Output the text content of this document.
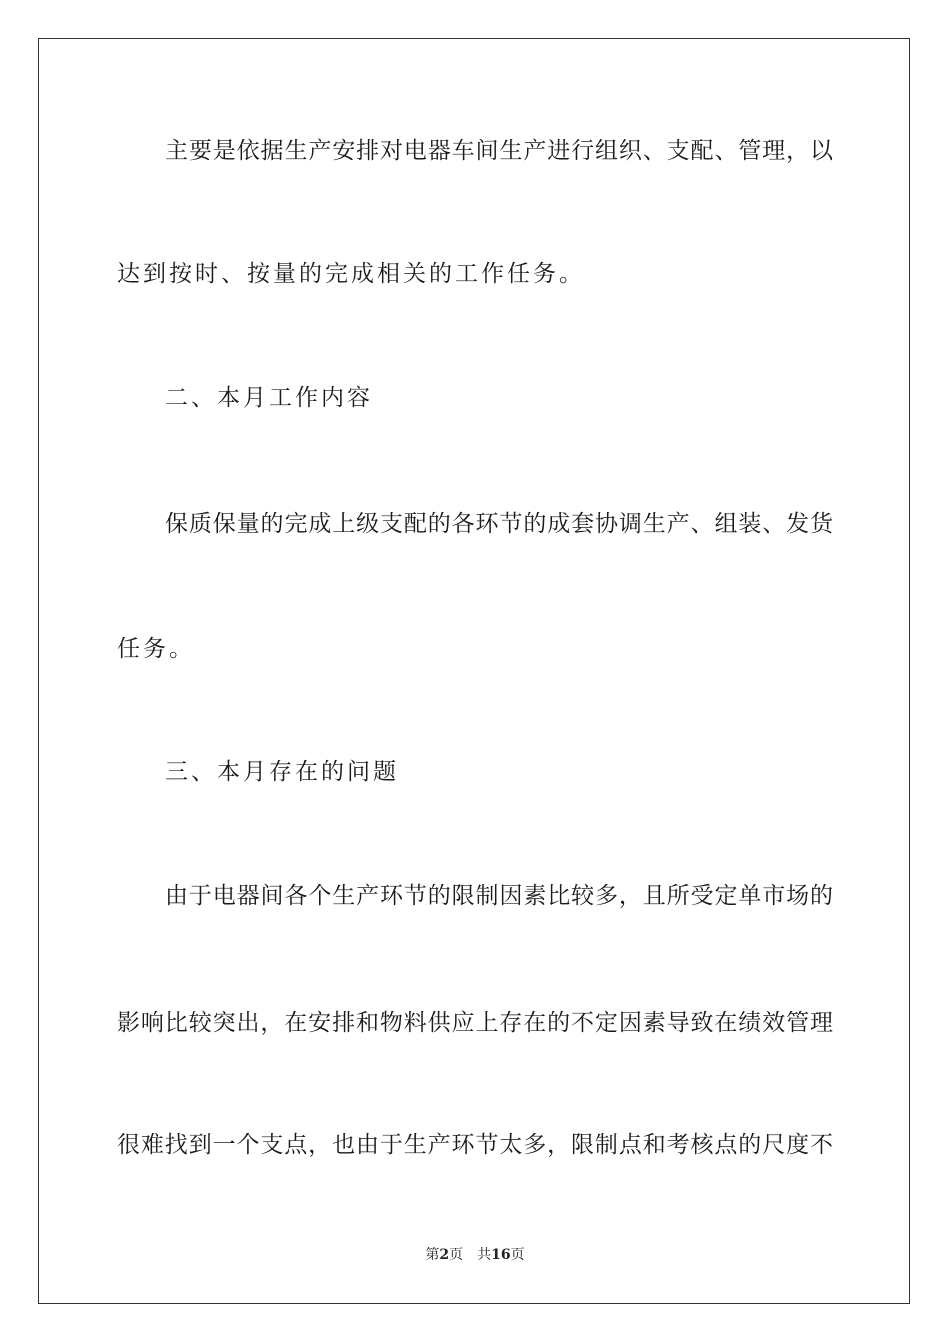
主要是依据生产安排对电器车间生产进行组织、支配、管理，以
达到按时、按量的完成相关的工作任务。
二、本月工作内容
保质保量的完成上级支配的各环节的成套协调生产、组装、发货
任务。
三、本月存在的问题
由于电器间各个生产环节的限制因素比较多，且所受定单市场的
影响比较突出，在安排和物料供应上存在的不定因素导致在绩效管理
很难找到一个支点，也由于生产环节太多，限制点和考核点的尺度不
第2页 共16页
